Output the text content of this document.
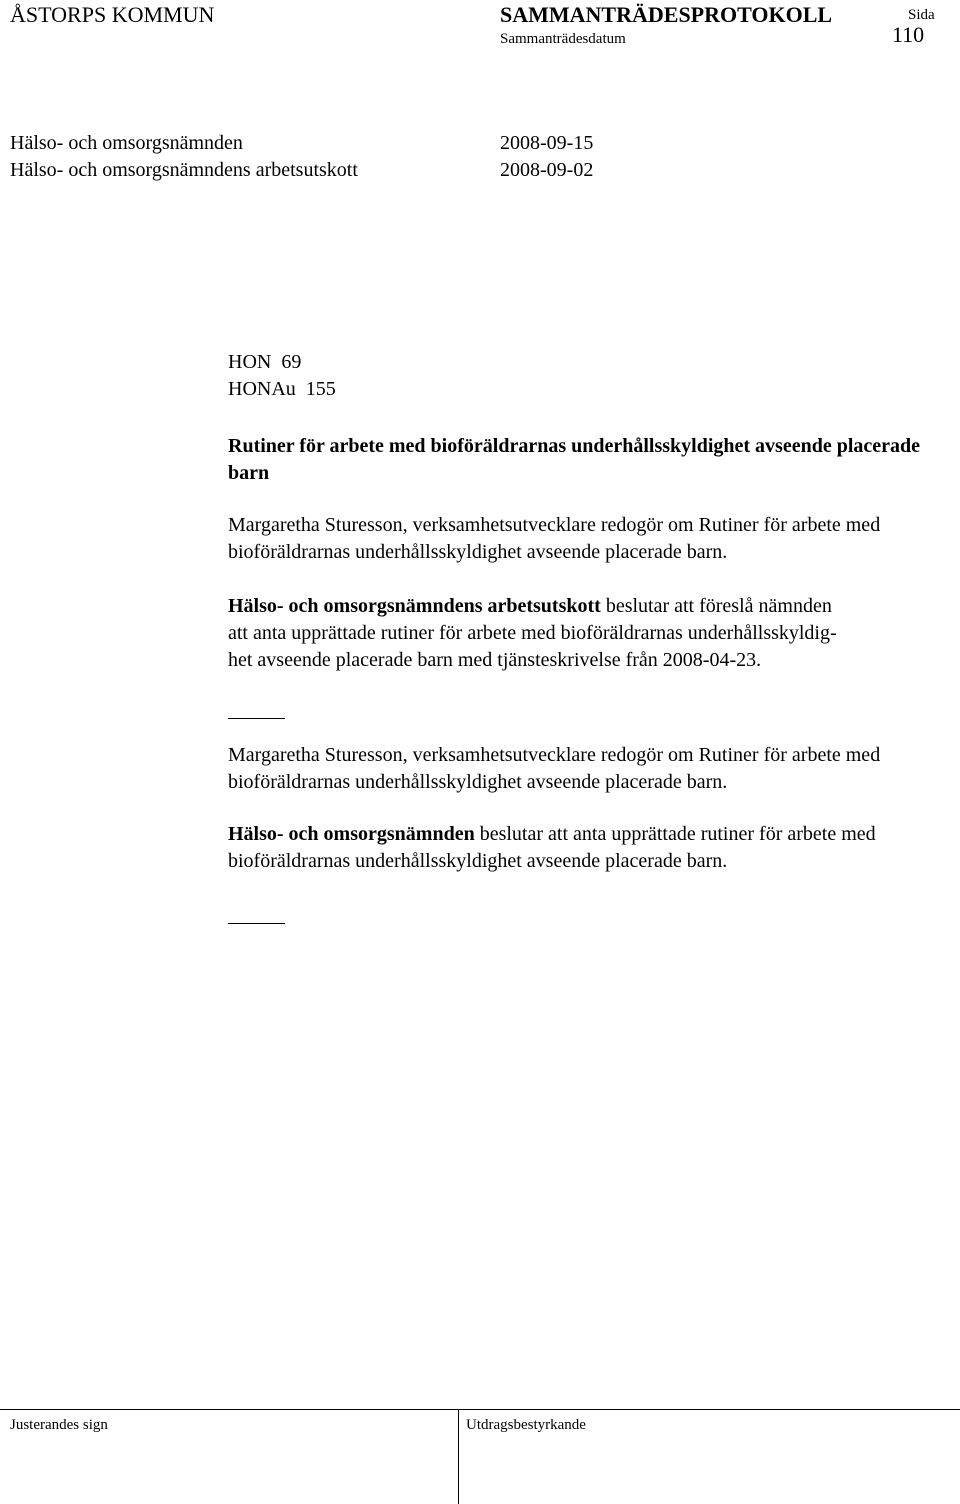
ÅSTORPS KOMMUN	SAMMANTRÄDESPROTOKOLL
Sammanträdesdatum
Sida
110
Hälso- och omsorgsnämnden	2008-09-15
Hälso- och omsorgsnämndens arbetsutskott	2008-09-02
HON 69
HONAu 155

Rutiner för arbete med bioföräldrarnas underhållsskyldighet avseende placerade barn

Margaretha Sturesson, verksamhetsutvecklare redogör om Rutiner för arbete med bioföräldrarnas underhållsskyldighet avseende placerade barn.

Hälso- och omsorgsnämndens arbetsutskott beslutar att föreslå nämnden
att anta upprättade rutiner för arbete med bioföräldrarnas underhållsskyldig-
het avseende placerade barn med tjänsteskrivelse från 2008-04-23.

Margaretha Sturesson, verksamhetsutvecklare redogör om Rutiner för arbete med bioföräldrarnas underhållsskyldighet avseende placerade barn.

Hälso- och omsorgsnämnden beslutar att anta upprättade rutiner för arbete med bioföräldrarnas underhållsskyldighet avseende placerade barn.

Justerandes sign	Utdragsbestyrkande
